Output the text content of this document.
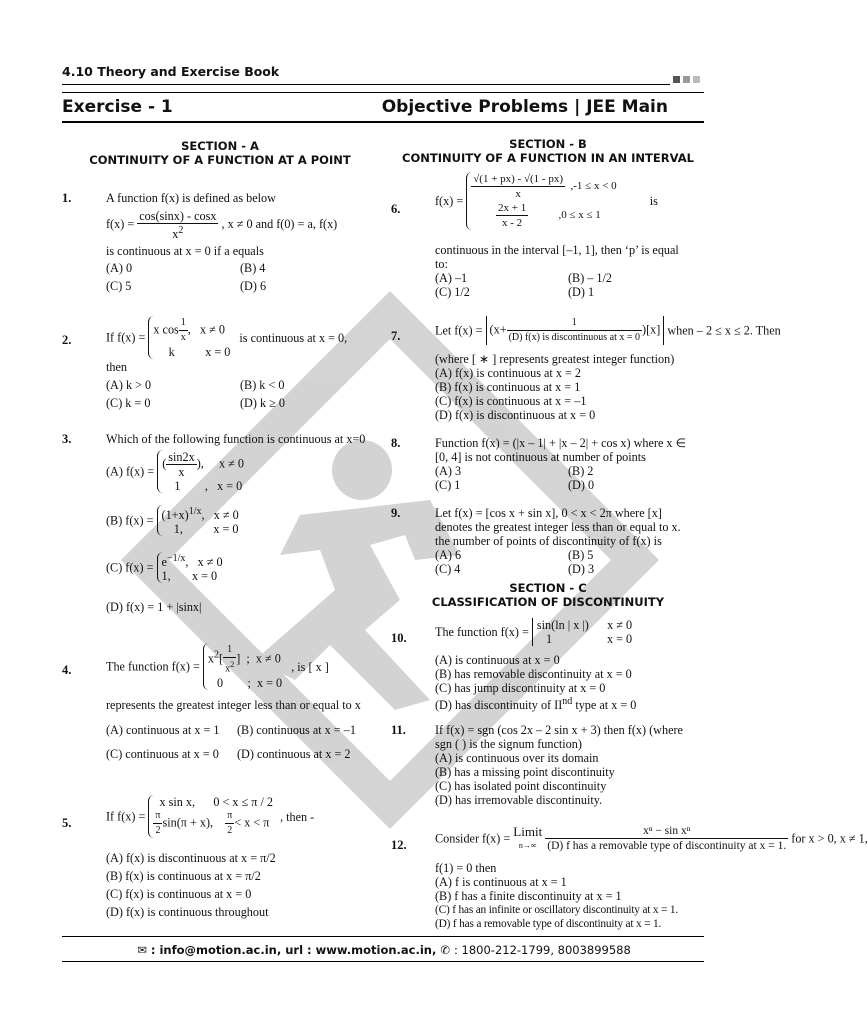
4.10 Theory and Exercise Book
Exercise - 1	Objective Problems | JEE Main
SECTION - A
CONTINUITY OF A FUNCTION AT A POINT
1.	A function f(x) is defined as below
$f(x) = \frac{\cos(\sin x) - \cos x}{x^2}$ , x ≠ 0 and f(0) = a, f(x)
is continuous at x = 0 if a equals
(A) 0	(B) 4
(C) 5	(D) 6
2.	If f(x) =
x $\cos \frac{1}{x}$ ,   x ≠ 0
k x = 0
is continuous at x = 0,
then
(A) k > 0	(B) k < 0
(C) k = 0	(D) k ≥ 0
3.	Which of the following function is continuous at x=0
(A) f(x) =
( $\frac{\sin 2x}{x}$ ),     x ≠ 0
1        ,   x = 0
(B) $f(x) = (1+x)^{1/x}$,   x ≠ 0
1, x = 0
(C) $f(x) = e^{-1/x}$,   x ≠ 0
1, x = 0
(D) f(x) = 1 + |sinx|
4.	The function f(x) =
$x^2[ \frac{1}{x^2}$ ]  ;  x ≠ 0
0        ;  x = 0
, is [ x ]
represents the greatest integer less than or equal to x
(A) continuous at x = 1 (B) continuous at x = –1
(C) continuous at x = 0 (D) continuous at x = 2
5.	If f(x) =
x sin x, 0 < x ≤ π / 2
$\frac{\pi}{2} \sin(\pi + x)$, $\frac{\pi}{2} < x < \pi$ , then -
(A) f(x) is discontinuous at x = π/2
(B) f(x) is continuous at x = π/2
(C) f(x) is continuous at x = 0
(D) f(x) is continuous throughout
SECTION - B
CONTINUITY OF A FUNCTION IN AN INTERVAL
6.
$f(x) = \frac{√(1 + px) - √(1 - px)}{x} ,-1 \le x < 0$

$\frac{2x + 1}{x - 2}$	,0 ≤ x ≤ 1
is
continuous in the interval [–1, 1], then ‘p’ is equal
to:
(A) –1	(B) – 1/2
(C) 1/2	(D) 1
7.	Let $f(x) = (x+ \frac{1}{\text{(D) f(x) is discontinuous at x = 0}} )[x]$ when – 2 ≤ x ≤ 2. Then
(where [ ∗ ] represents greatest integer function)
(A) f(x) is continuous at x = 2
(B) f(x) is continuous at x = 1
(C) f(x) is continuous at x = –1
(D) f(x) is discontinuous at x = 0
8.	Function f(x) = (|x – 1| + |x – 2| + cos x) where x ∈
[0, 4] is not continuous at number of points
(A) 3	(B) 2
(C) 1	(D) 0
9.	Let f(x) = [cos x + sin x], 0 < x < 2π where [x]
denotes the greatest integer less than or equal to x.
the number of points of discontinuity of f(x) is
(A) 6	(B) 5
(C) 4	(D) 3
SECTION - C
CLASSIFICATION OF DISCONTINUITY
10. The function f(x) = sin(ln | x |) x ≠ 0
1	x = 0
(A) is continuous at x = 0
(B) has removable discontinuity at x = 0
(C) has jump discontinuity at x = 0
(D) has discontinuity of IInd type at x = 0
11. If f(x) = sgn (cos 2x – 2 sin x + 3) then f(x) (where
sgn ( ) is the signum function)
(A) is continuous over its domain
(B) has a missing point discontinuity
(C) has isolated point discontinuity
(D) has irremovable discontinuity.
12. Consider f(x) = Limit
n→∞
$\frac{\text{xⁿ − sin xⁿ}}{\text{(D) f has a removable type of discontinuity at x = 1.}}$ for x > 0, x ≠ 1,
f(1) = 0 then
(A) f is continuous at x = 1
(B) f has a finite discontinuity at x = 1
(C) f has an infinite or oscillatory discontinuity at x = 1.
(D) f has a removable type of discontinuity at x = 1.
✉ : info@motion.ac.in, url : www.motion.ac.in, ✆ : 1800-212-1799, 8003899588
